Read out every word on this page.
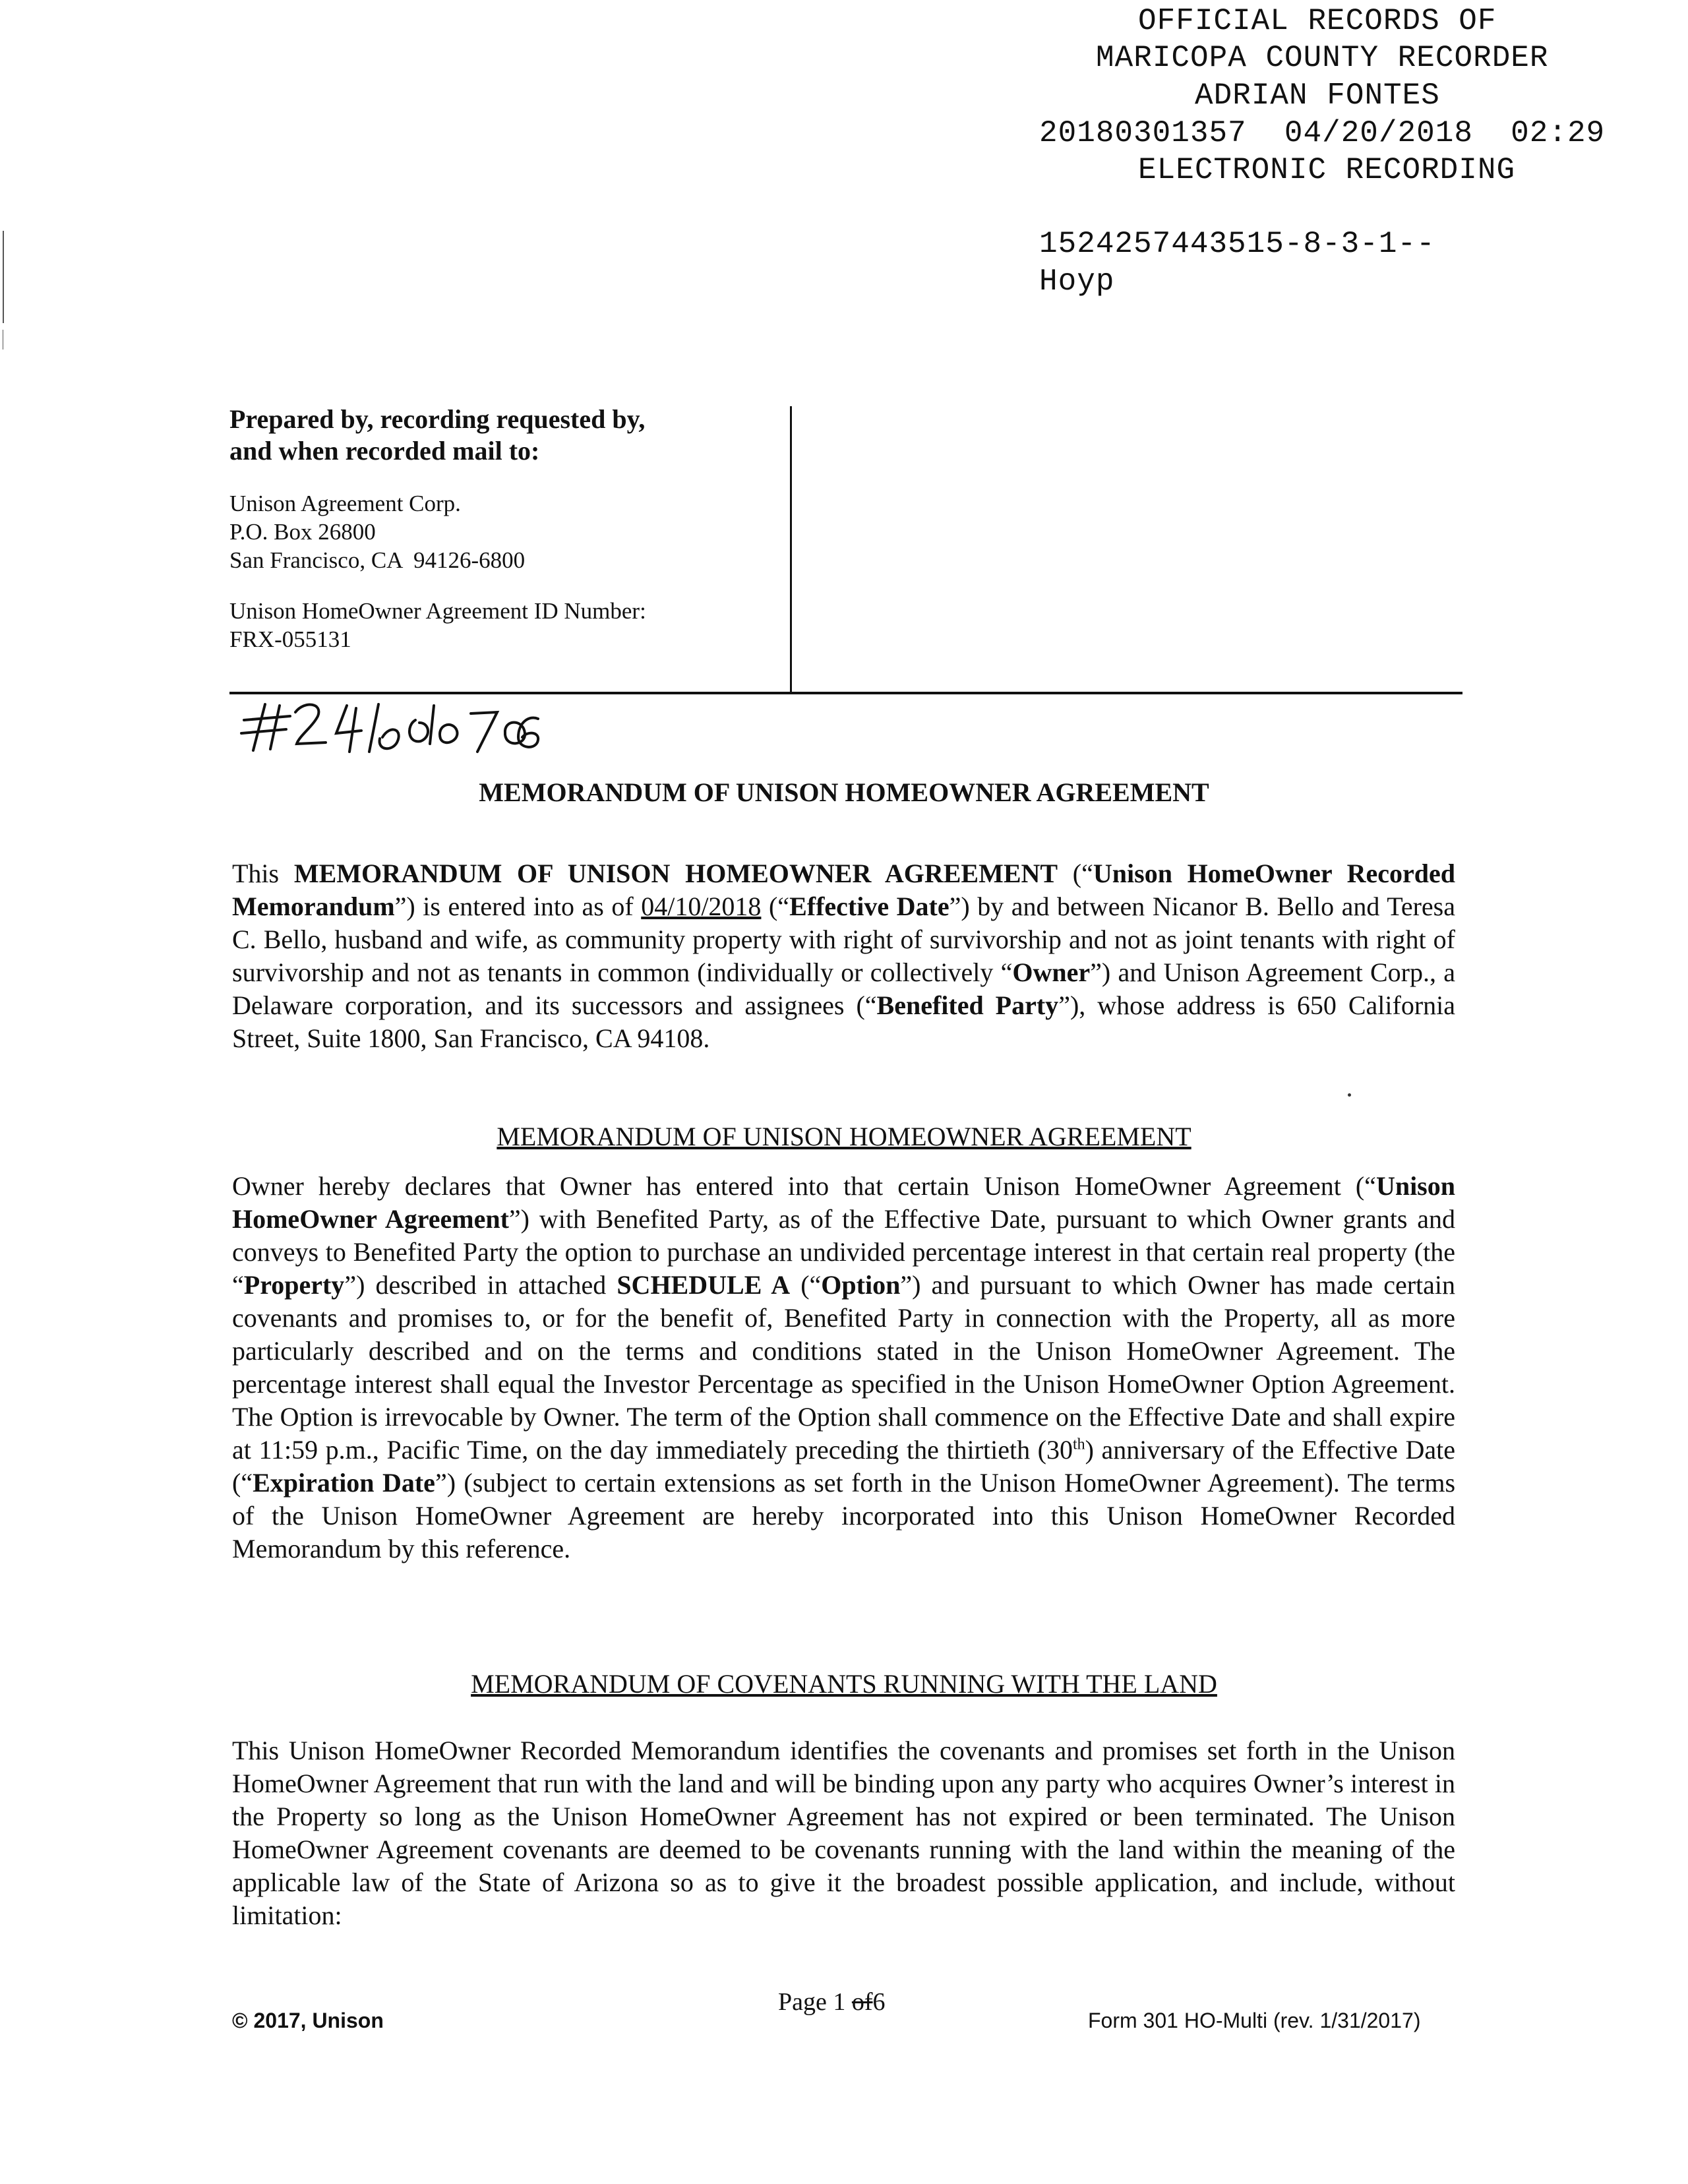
OFFICIAL RECORDS OF
MARICOPA COUNTY RECORDER
ADRIAN FONTES
20180301357 04/20/2018 02:29
ELECTRONIC RECORDING
1524257443515-8-3-1--
Hoyp
Prepared by, recording requested by,
and when recorded mail to:
Unison Agreement Corp.
P.O. Box 26800
San Francisco, CA  94126-6800
Unison HomeOwner Agreement ID Number:
FRX-055131
MEMORANDUM OF UNISON HOMEOWNER AGREEMENT
This MEMORANDUM OF UNISON HOMEOWNER AGREEMENT (“Unison HomeOwner Recorded Memorandum”) is entered into as of 04/10/2018 (“Effective Date”) by and between Nicanor B. Bello and Teresa C. Bello, husband and wife, as community property with right of survivorship and not as joint tenants with right of survivorship and not as tenants in common (individually or collectively “Owner”) and Unison Agreement Corp., a Delaware corporation, and its successors and assignees (“Benefited Party”), whose address is 650 California Street, Suite 1800, San Francisco, CA 94108.
MEMORANDUM OF UNISON HOMEOWNER AGREEMENT
Owner hereby declares that Owner has entered into that certain Unison HomeOwner Agreement (“Unison HomeOwner Agreement”) with Benefited Party, as of the Effective Date, pursuant to which Owner grants and conveys to Benefited Party the option to purchase an undivided percentage interest in that certain real property (the “Property”) described in attached SCHEDULE A (“Option”) and pursuant to which Owner has made certain covenants and promises to, or for the benefit of, Benefited Party in connection with the Property, all as more particularly described and on the terms and conditions stated in the Unison HomeOwner Agreement. The percentage interest shall equal the Investor Percentage as specified in the Unison HomeOwner Option Agreement. The Option is irrevocable by Owner. The term of the Option shall commence on the Effective Date and shall expire at 11:59 p.m., Pacific Time, on the day immediately preceding the thirtieth (30th) anniversary of the Effective Date (“Expiration Date”) (subject to certain extensions as set forth in the Unison HomeOwner Agreement). The terms of the Unison HomeOwner Agreement are hereby incorporated into this Unison HomeOwner Recorded Memorandum by this reference.
MEMORANDUM OF COVENANTS RUNNING WITH THE LAND
This Unison HomeOwner Recorded Memorandum identifies the covenants and promises set forth in the Unison HomeOwner Agreement that run with the land and will be binding upon any party who acquires Owner’s interest in the Property so long as the Unison HomeOwner Agreement has not expired or been terminated. The Unison HomeOwner Agreement covenants are deemed to be covenants running with the land within the meaning of the applicable law of the State of Arizona so as to give it the broadest possible application, and include, without limitation:
Page 1 of6
© 2017, Unison	Form 301 HO-Multi (rev. 1/31/2017)
